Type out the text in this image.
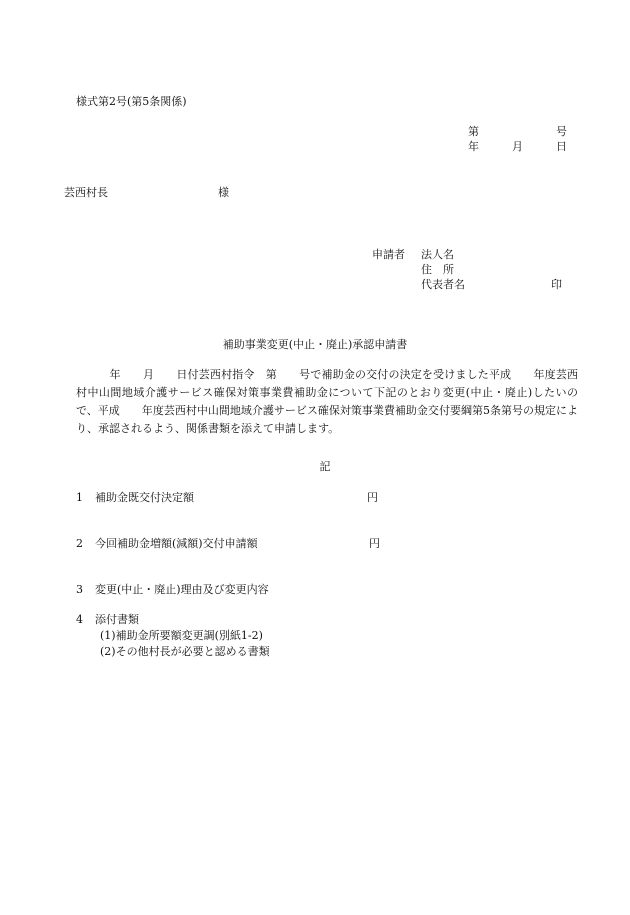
様式第2号(第5条関係)
第　　　　　　　号
年　　　月　　　日
芸西村長	様
申請者 法人名
住　所
代表者名	印
補助事業変更(中止・廃止)承認申請書
　　　年　　月　　日付芸西村指令　第　　号で補助金の交付の決定を受けました平成　　年度芸西村中山間地域介護サービス確保対策事業費補助金について下記のとおり変更(中止・廃止)したいので、平成　　年度芸西村中山間地域介護サービス確保対策事業費補助金交付要綱第5条第号の規定により、承認されるよう、関係書類を添えて申請します。
記
1 補助金既交付決定額	円
2 今回補助金増額(減額)交付申請額	円
3 変更(中止・廃止)理由及び変更内容
4 添付書類
(1)補助金所要額変更調(別紙1-2)
(2)その他村長が必要と認める書類
